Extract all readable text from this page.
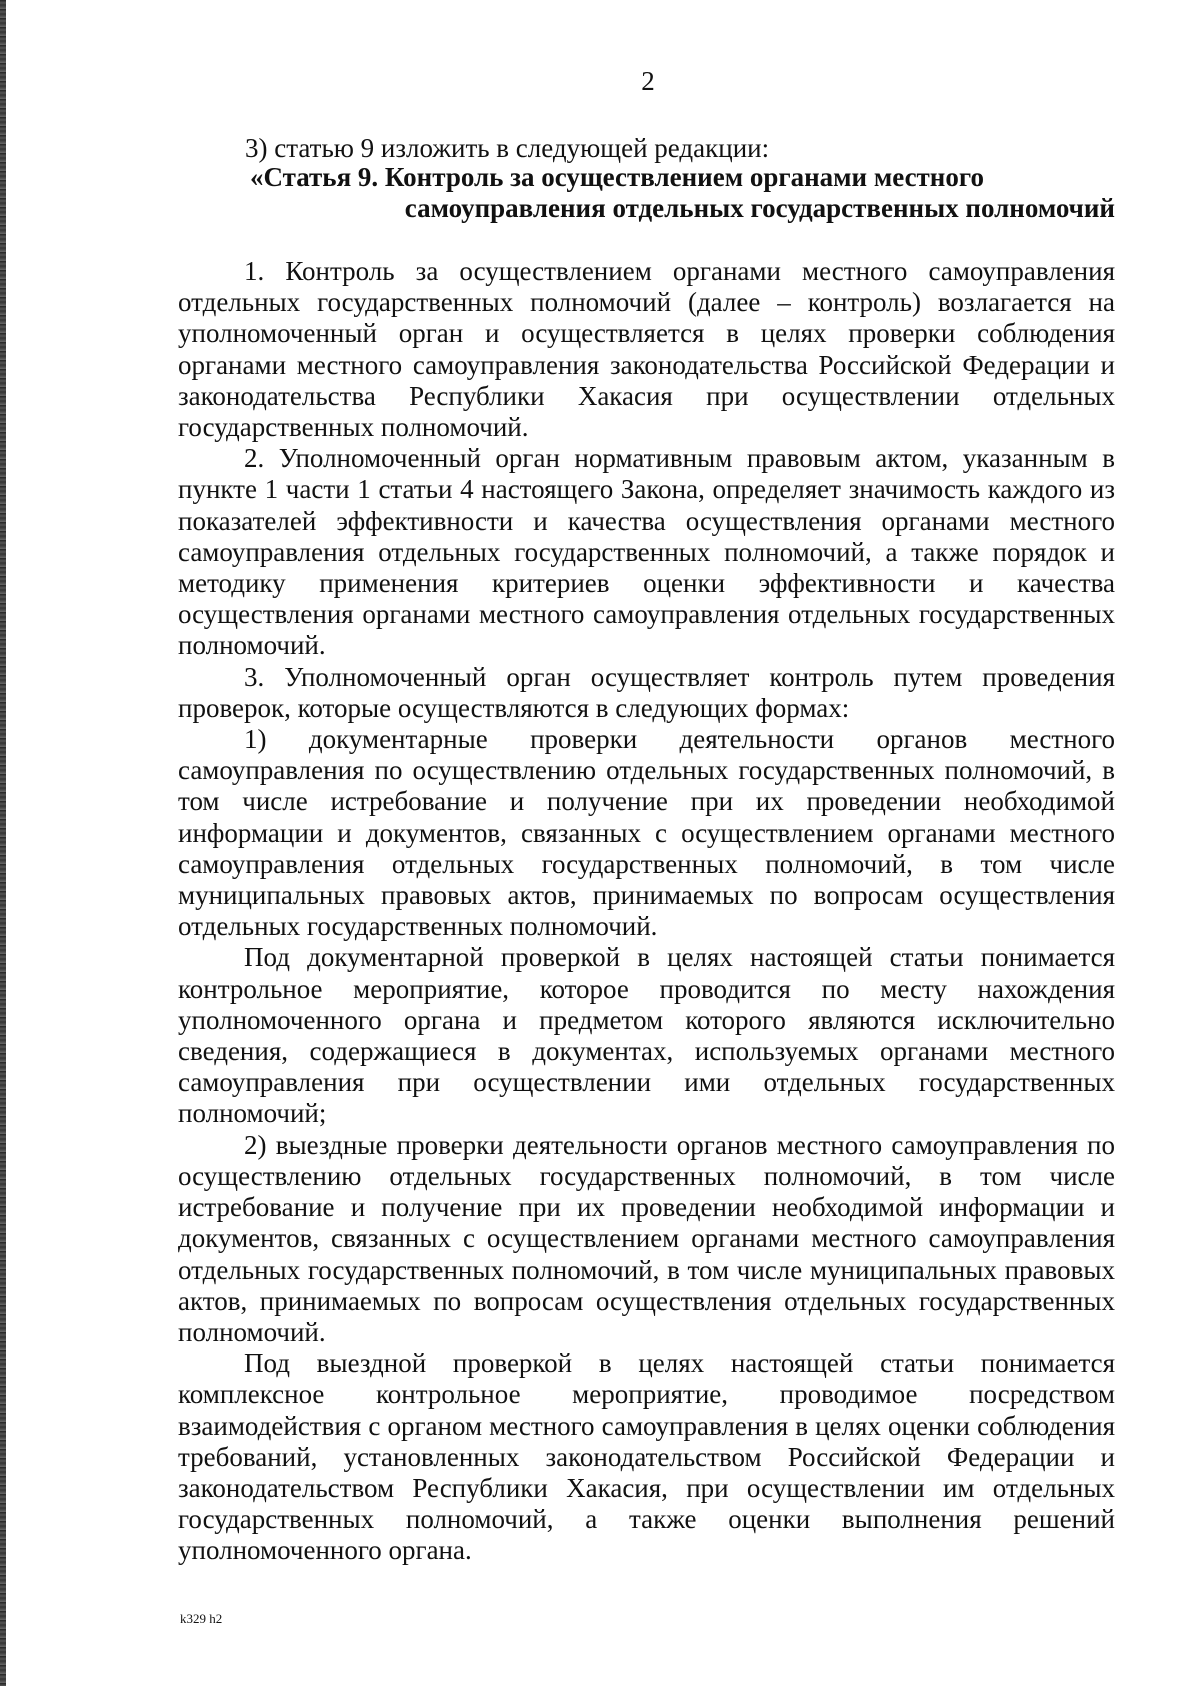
2
3) статью 9 изложить в следующей редакции:
«Статья 9. Контроль за осуществлением органами местного
самоуправления отдельных государственных полномочий

1. Контроль за осуществлением органами местного самоуправления отдельных государственных полномочий (далее – контроль) возлагается на уполномоченный орган и осуществляется в целях проверки соблюдения органами местного самоуправления законодательства Российской Федерации и законодательства Республики Хакасия при осуществлении отдельных государственных полномочий.

2. Уполномоченный орган нормативным правовым актом, указанным в пункте 1 части 1 статьи 4 настоящего Закона, определяет значимость каждого из показателей эффективности и качества осуществления органами местного самоуправления отдельных государственных полномочий, а также порядок и методику применения критериев оценки эффективности и качества осуществления органами местного самоуправления отдельных государственных полномочий.

3. Уполномоченный орган осуществляет контроль путем проведения проверок, которые осуществляются в следующих формах:

1) документарные проверки деятельности органов местного самоуправления по осуществлению отдельных государственных полномочий, в том числе истребование и получение при их проведении необходимой информации и документов, связанных с осуществлением органами местного самоуправления отдельных государственных полномочий, в том числе муниципальных правовых актов, принимаемых по вопросам осуществления отдельных государственных полномочий.

Под документарной проверкой в целях настоящей статьи понимается контрольное мероприятие, которое проводится по месту нахождения уполномоченного органа и предметом которого являются исключительно сведения, содержащиеся в документах, используемых органами местного самоуправления при осуществлении ими отдельных государственных полномочий;

2) выездные проверки деятельности органов местного самоуправления по осуществлению отдельных государственных полномочий, в том числе истребование и получение при их проведении необходимой информации и документов, связанных с осуществлением органами местного самоуправления отдельных государственных полномочий, в том числе муниципальных правовых актов, принимаемых по вопросам осуществления отдельных государственных полномочий.

Под выездной проверкой в целях настоящей статьи понимается комплексное контрольное мероприятие, проводимое посредством взаимодействия с органом местного самоуправления в целях оценки соблюдения требований, установленных законодательством Российской Федерации и законодательством Республики Хакасия, при осуществлении им отдельных государственных полномочий, а также оценки выполнения решений уполномоченного органа.

k329 h2
